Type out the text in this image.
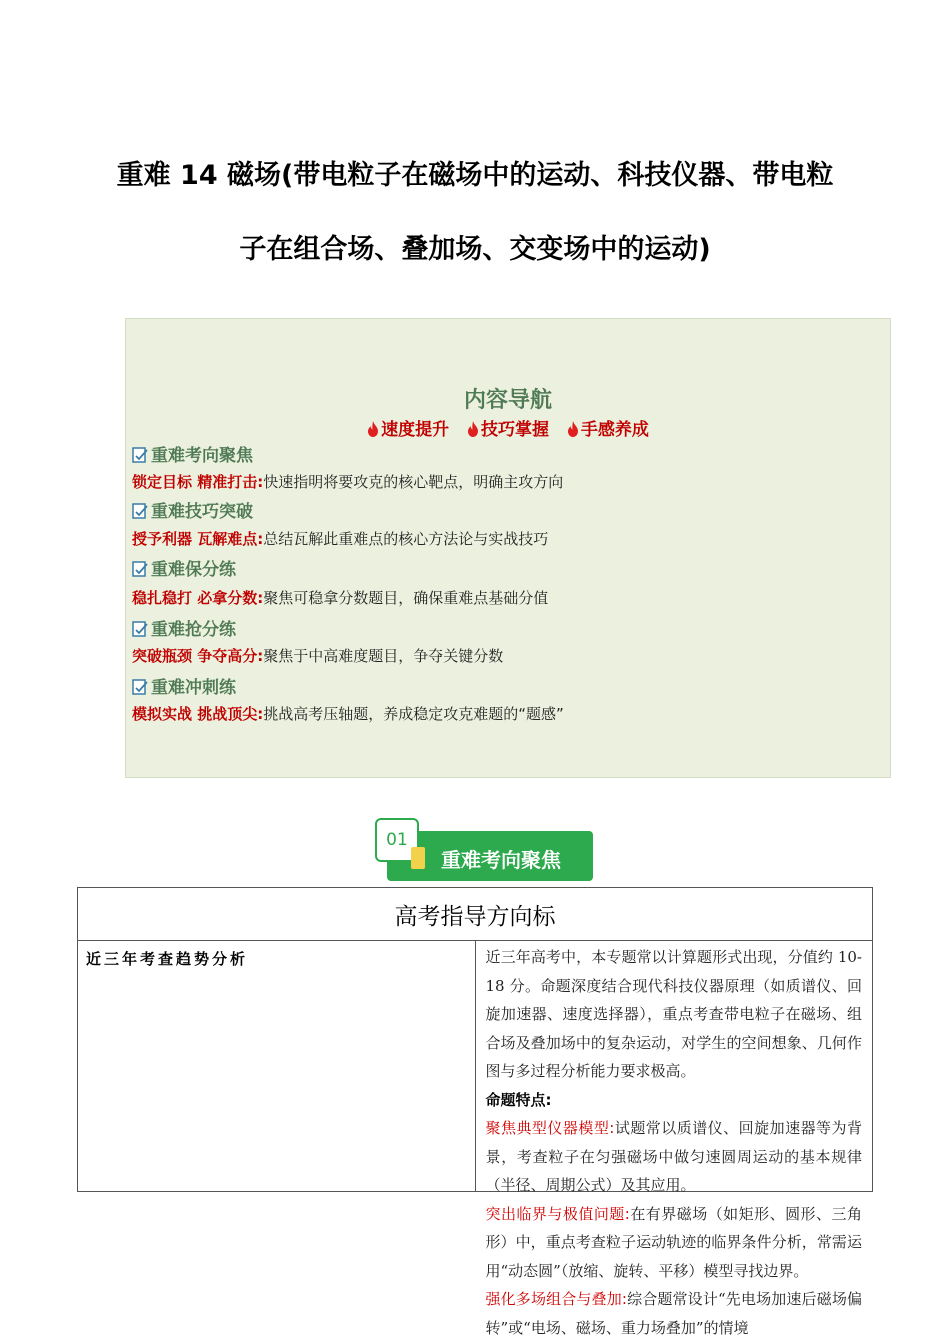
重难 14 磁场(带电粒子在磁场中的运动、科技仪器、带电粒
子在组合场、叠加场、交变场中的运动)
内容导航
速度提升 技巧掌握 手感养成
重难考向聚焦
锁定目标 精准打击:快速指明将要攻克的核心靶点，明确主攻方向
重难技巧突破
授予利器 瓦解难点:总结瓦解此重难点的核心方法论与实战技巧
重难保分练
稳扎稳打 必拿分数:聚焦可稳拿分数题目，确保重难点基础分值
重难抢分练
突破瓶颈 争夺高分:聚焦于中高难度题目，争夺关键分数
重难冲刺练
模拟实战 挑战顶尖:挑战高考压轴题，养成稳定攻克难题的“题感”
01
重难考向聚焦
高考指导方向标
近三年考查趋势分析	近三年高考中，本专题常以计算题形式出现，分值约 10-18 分。命题深度结合现代科技仪器原理（如质谱仪、回旋加速器、速度选择器），重点考查带电粒子在磁场、组合场及叠加场中的复杂运动，对学生的空间想象、几何作图与多过程分析能力要求极高。
命题特点:
聚焦典型仪器模型:试题常以质谱仪、回旋加速器等为背景，考查粒子在匀强磁场中做匀速圆周运动的基本规律（半径、周期公式）及其应用。
突出临界与极值问题:在有界磁场（如矩形、圆形、三角形）中，重点考查粒子运动轨迹的临界条件分析，常需运用“动态圆”（放缩、旋转、平移）模型寻找边界。
强化多场组合与叠加:综合题常设计“先电场加速后磁场偏转”或“电场、磁场、重力场叠加”的情境
